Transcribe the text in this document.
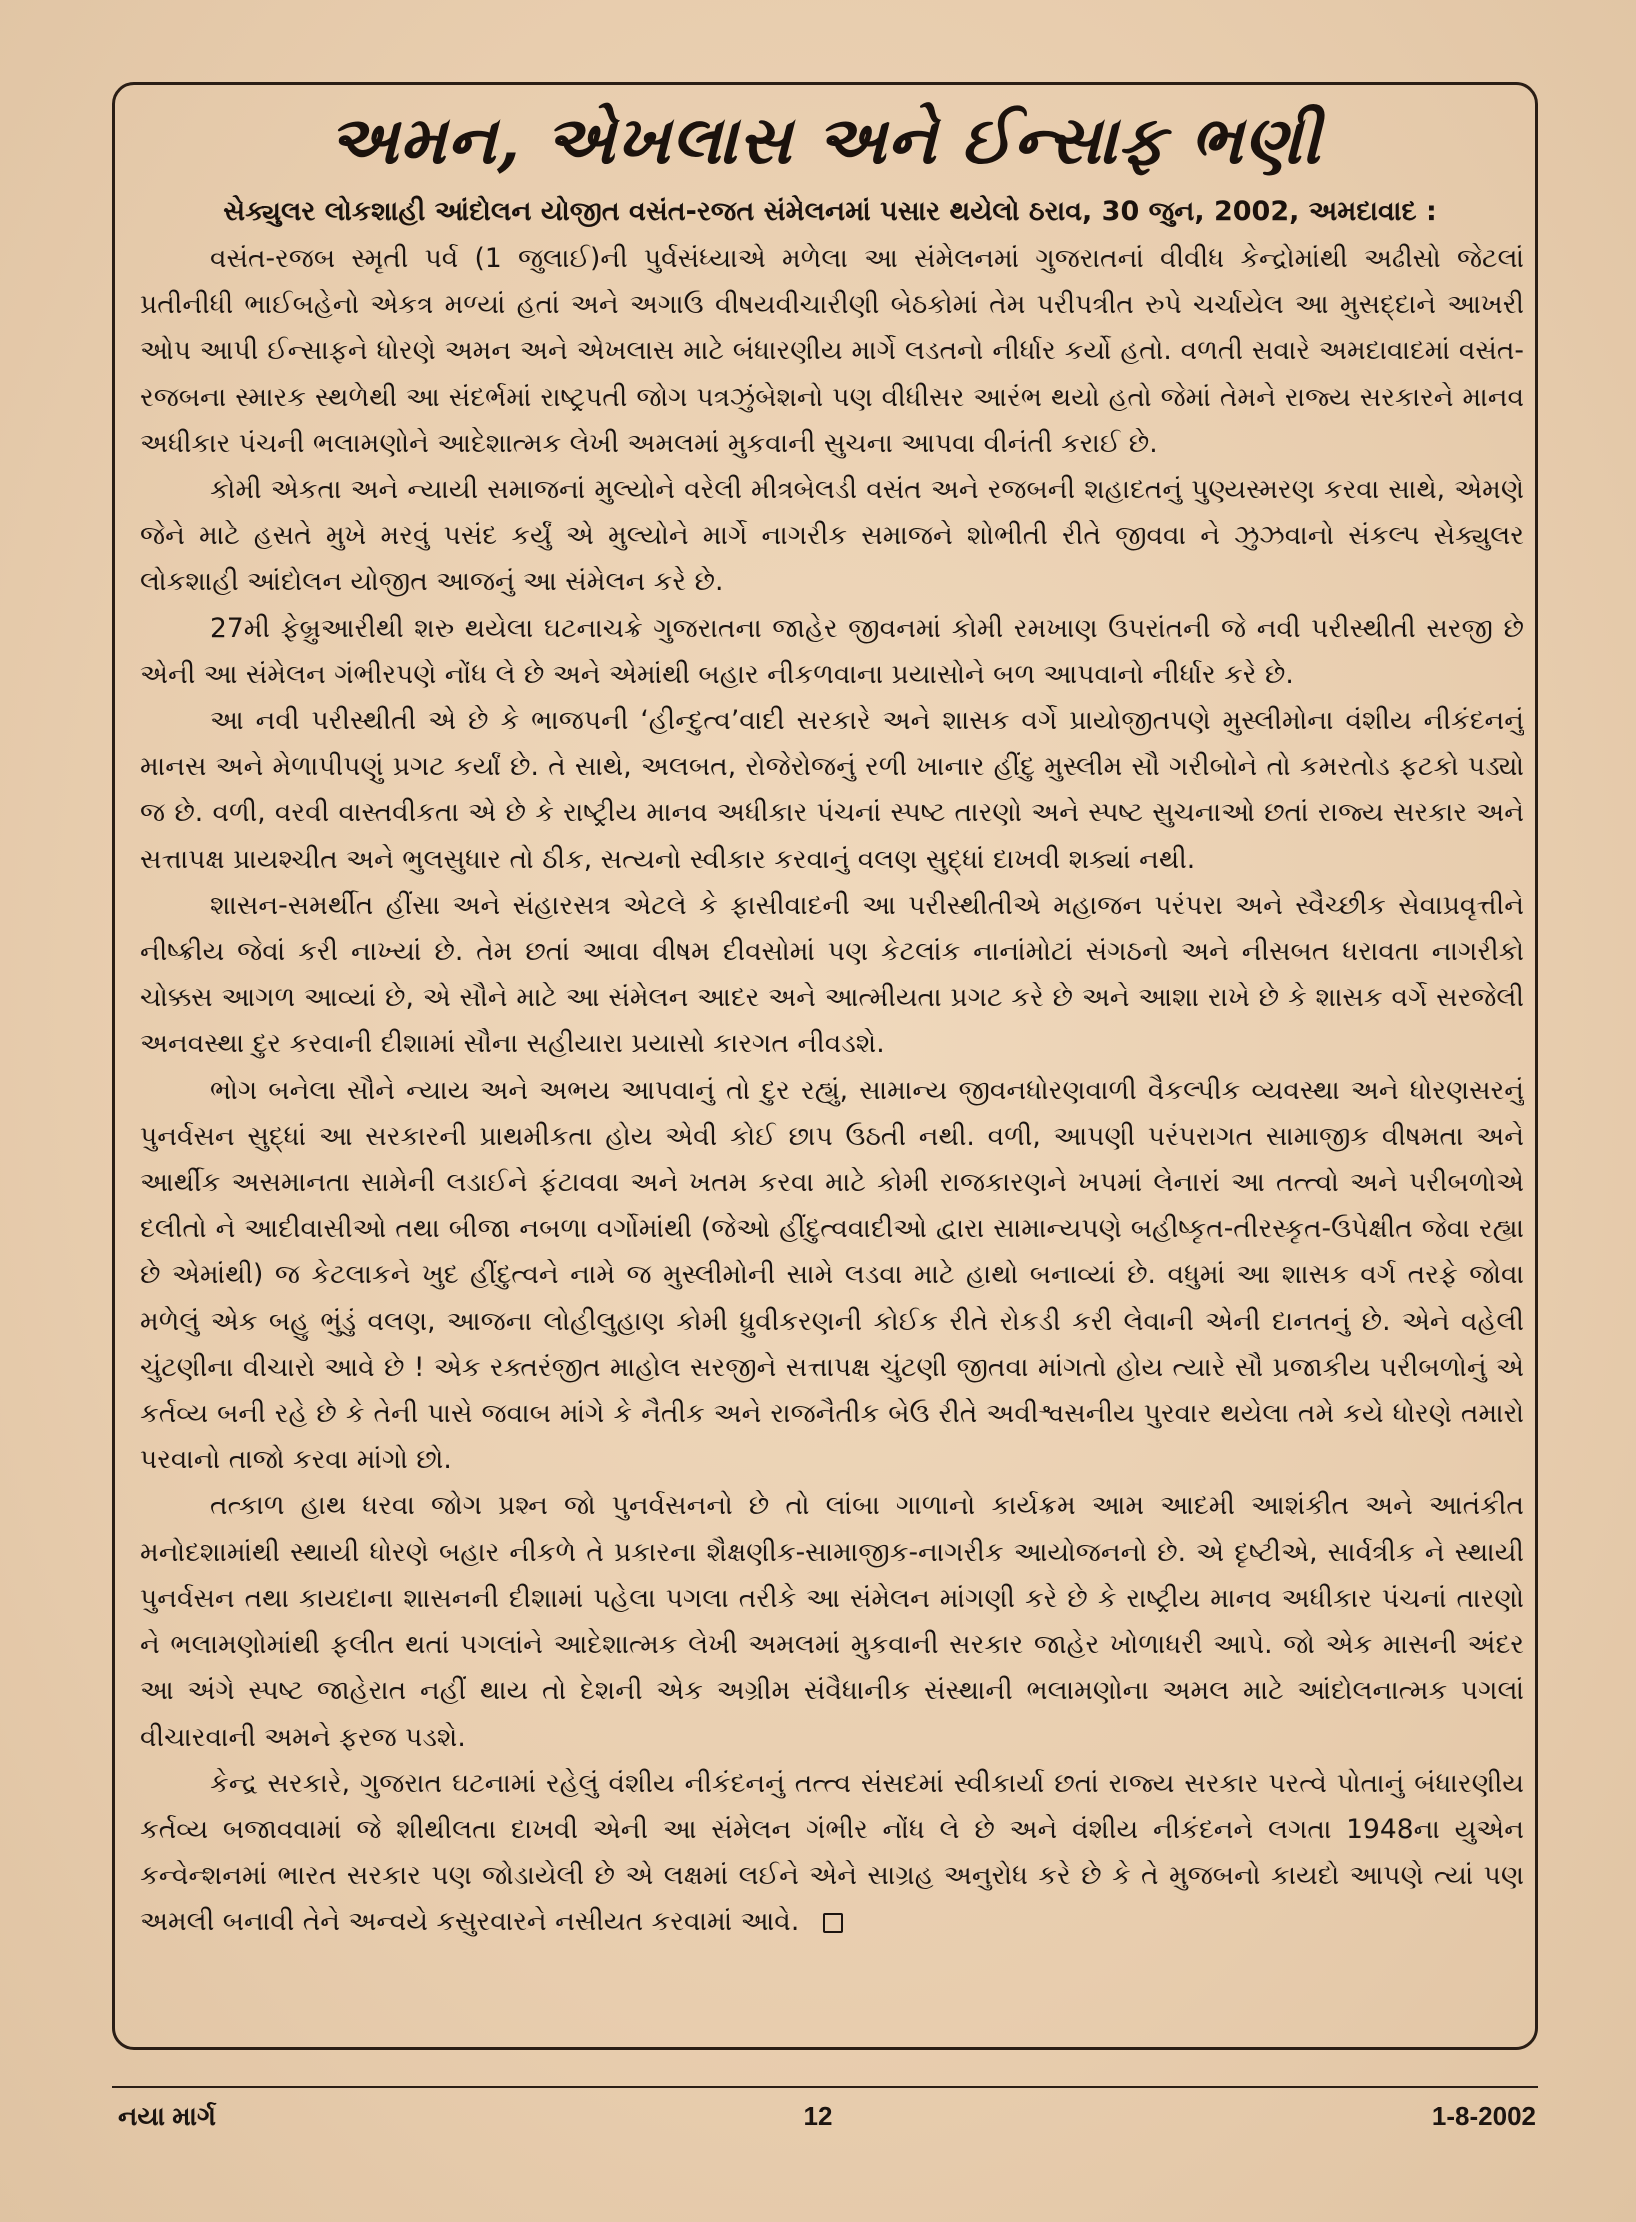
અમન, એખલાસ અને ઈન્સાફ ભણી
સેક્યુલર લોકશાહી આંદોલન યોજીત વસંત-રજત સંમેલનમાં પસાર થયેલો ઠરાવ, 30 જુન, 2002, અમદાવાદ :

વસંત-રજબ સ્મૃતી પર્વ (1 જુલાઈ)ની પુર્વસંધ્યાએ મળેલા આ સંમેલનમાં ગુજરાતનાં વીવીધ કેન્દ્રોમાંથી અઢીસો જેટલાં પ્રતીનીધી ભાઈબહેનો એકત્ર મળ્યાં હતાં અને અગાઉ વીષયવીચારીણી બેઠકોમાં તેમ પરીપત્રીત રુપે ચર્ચાયેલ આ મુસદ્દાને આખરી ઓપ આપી ઈન્સાફને ધોરણે અમન અને એખલાસ માટે બંધારણીય માર્ગે લડતનો નીર્ધાર કર્યો હતો. વળતી સવારે અમદાવાદમાં વસંત-રજબના સ્મારક સ્થળેથી આ સંદર્ભમાં રાષ્ટ્રપતી જોગ પત્રઝુંબેશનો પણ વીધીસર આરંભ થયો હતો જેમાં તેમને રાજ્ય સરકારને માનવ અધીકાર પંચની ભલામણોને આદેશાત્મક લેખી અમલમાં મુકવાની સુચના આપવા વીનંતી કરાઈ છે.

કોમી એકતા અને ન્યાયી સમાજનાં મુલ્યોને વરેલી મીત્રબેલડી વસંત અને રજબની શહાદતનું પુણ્યસ્મરણ કરવા સાથે, એમણે જેને માટે હસતે મુખે મરવું પસંદ કર્યું એ મુલ્યોને માર્ગે નાગરીક સમાજને શોભીતી રીતે જીવવા ને ઝુઝવાનો સંકલ્પ સેક્યુલર લોકશાહી આંદોલન યોજીત આજનું આ સંમેલન કરે છે.

27મી ફેબ્રુઆરીથી શરુ થયેલા ઘટનાચક્રે ગુજરાતના જાહેર જીવનમાં કોમી રમખાણ ઉપરાંતની જે નવી પરીસ્થીતી સરજી છે એની આ સંમેલન ગંભીરપણે નોંધ લે છે અને એમાંથી બહાર નીકળવાના પ્રયાસોને બળ આપવાનો નીર્ધાર કરે છે.

આ નવી પરીસ્થીતી એ છે કે ભાજપની ‘હીન્દુત્વ’વાદી સરકારે અને શાસક વર્ગે પ્રાયોજીતપણે મુસ્લીમોના વંશીય નીકંદનનું માનસ અને મેળાપીપણું પ્રગટ કર્યાં છે. તે સાથે, અલબત, રોજેરોજનું રળી ખાનાર હીંદુ મુસ્લીમ સૌ ગરીબોને તો કમરતોડ ફટકો પડ્યો જ છે. વળી, વરવી વાસ્તવીકતા એ છે કે રાષ્ટ્રીય માનવ અધીકાર પંચનાં સ્પષ્ટ તારણો અને સ્પષ્ટ સુચનાઓ છતાં રાજ્ય સરકાર અને સત્તાપક્ષ પ્રાયશ્ચીત અને ભુલસુધાર તો ઠીક, સત્યનો સ્વીકાર કરવાનું વલણ સુદ્ધાં દાખવી શક્યાં નથી.

શાસન-સમર્થીત હીંસા અને સંહારસત્ર એટલે કે ફાસીવાદની આ પરીસ્થીતીએ મહાજન પરંપરા અને સ્વૈચ્છીક સેવાપ્રવૃત્તીને નીષ્ક્રીય જેવાં કરી નાખ્યાં છે. તેમ છતાં આવા વીષમ દીવસોમાં પણ કેટલાંક નાનાંમોટાં સંગઠનો અને નીસબત ધરાવતા નાગરીકો ચોક્કસ આગળ આવ્યાં છે, એ સૌને માટે આ સંમેલન આદર અને આત્મીયતા પ્રગટ કરે છે અને આશા રાખે છે કે શાસક વર્ગે સરજેલી અનવસ્થા દુર કરવાની દીશામાં સૌના સહીયારા પ્રયાસો કારગત નીવડશે.

ભોગ બનેલા સૌને ન્યાય અને અભય આપવાનું તો દુર રહ્યું, સામાન્ય જીવનધોરણવાળી વૈકલ્પીક વ્યવસ્થા અને ધોરણસરનું પુનર્વસન સુદ્ધાં આ સરકારની પ્રાથમીકતા હોય એવી કોઈ છાપ ઉઠતી નથી. વળી, આપણી પરંપરાગત સામાજીક વીષમતા અને આર્થીક અસમાનતા સામેની લડાઈને ફંટાવવા અને ખતમ કરવા માટે કોમી રાજકારણને ખપમાં લેનારાં આ તત્ત્વો અને પરીબળોએ દલીતો ને આદીવાસીઓ તથા બીજા નબળા વર્ગોમાંથી (જેઓ હીંદુત્વવાદીઓ દ્વારા સામાન્યપણે બહીષ્કૃત-તીરસ્કૃત-ઉપેક્ષીત જેવા રહ્યા છે એમાંથી) જ કેટલાકને ખુદ હીંદુત્વને નામે જ મુસ્લીમોની સામે લડવા માટે હાથો બનાવ્યાં છે. વધુમાં આ શાસક વર્ગ તરફે જોવા મળેલું એક બહુ ભુંડું વલણ, આજના લોહીલુહાણ કોમી ધ્રુવીકરણની કોઈક રીતે રોકડી કરી લેવાની એની દાનતનું છે. એને વહેલી ચુંટણીના વીચારો આવે છે ! એક રક્તરંજીત માહોલ સરજીને સત્તાપક્ષ ચુંટણી જીતવા માંગતો હોય ત્યારે સૌ પ્રજાકીય પરીબળોનું એ કર્તવ્ય બની રહે છે કે તેની પાસે જવાબ માંગે કે નૈતીક અને રાજનૈતીક બેઉ રીતે અવીશ્વસનીય પુરવાર થયેલા તમે કયે ધોરણે તમારો પરવાનો તાજો કરવા માંગો છો.

તત્કાળ હાથ ધરવા જોગ પ્રશ્ન જો પુનર્વસનનો છે તો લાંબા ગાળાનો કાર્યક્રમ આમ આદમી આશંકીત અને આતંકીત મનોદશામાંથી સ્થાયી ધોરણે બહાર નીકળે તે પ્રકારના શૈક્ષણીક-સામાજીક-નાગરીક આયોજનનો છે. એ દૃષ્ટીએ, સાર્વત્રીક ને સ્થાયી પુનર્વસન તથા કાયદાના શાસનની દીશામાં પહેલા પગલા તરીકે આ સંમેલન માંગણી કરે છે કે રાષ્ટ્રીય માનવ અધીકાર પંચનાં તારણો ને ભલામણોમાંથી ફલીત થતાં પગલાંને આદેશાત્મક લેખી અમલમાં મુકવાની સરકાર જાહેર ખોળાધરી આપે. જો એક માસની અંદર આ અંગે સ્પષ્ટ જાહેરાત નહીં થાય તો દેશની એક અગ્રીમ સંવૈધાનીક સંસ્થાની ભલામણોના અમલ માટે આંદોલનાત્મક પગલાં વીચારવાની અમને ફરજ પડશે.

કેન્દ્ર સરકારે, ગુજરાત ઘટનામાં રહેલું વંશીય નીકંદનનું તત્ત્વ સંસદમાં સ્વીકાર્યા છતાં રાજ્ય સરકાર પરત્વે પોતાનું બંધારણીય કર્તવ્ય બજાવવામાં જે શીથીલતા દાખવી એની આ સંમેલન ગંભીર નોંધ લે છે અને વંશીય નીકંદનને લગતા 1948ના યુએન કન્વેન્શનમાં ભારત સરકાર પણ જોડાયેલી છે એ લક્ષમાં લઈને એને સાગ્રહ અનુરોધ કરે છે કે તે મુજબનો કાયદો આપણે ત્યાં પણ અમલી બનાવી તેને અન્વયે કસુરવારને નસીયત કરવામાં આવે.

નયા માર્ગ	12	1-8-2002
